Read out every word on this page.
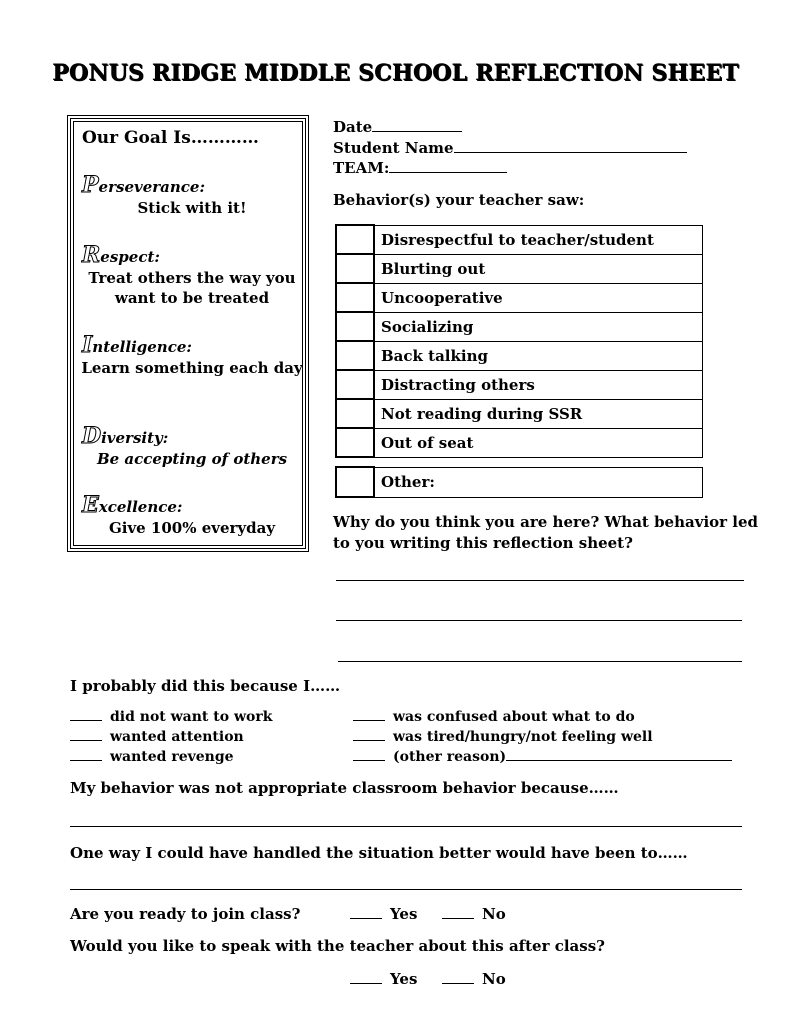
PONUS RIDGE MIDDLE SCHOOL REFLECTION SHEET
Our Goal Is…………
Perseverance:
Stick with it!
Respect:
Treat others the way you want to be treated
Intelligence:
Learn something each day
Diversity:
Be accepting of others
Excellence:
Give 100% everyday
Date
Student Name
TEAM:
Behavior(s) your teacher saw:
	Disrespectful to teacher/student
	Blurting out
	Uncooperative
	Socializing
	Back talking
	Distracting others
	Not reading during SSR
	Out of seat
	Other:
Why do you think you are here? What behavior led to you writing this reflection sheet?
I probably did this because I……
did not want to work
wanted attention
wanted revenge
was confused about what to do
was tired/hungry/not feeling well
(other reason)
My behavior was not appropriate classroom behavior because……
One way I could have handled the situation better would have been to……
Are you ready to join class?	Yes	No
Would you like to speak with the teacher about this after class?
Yes	No
